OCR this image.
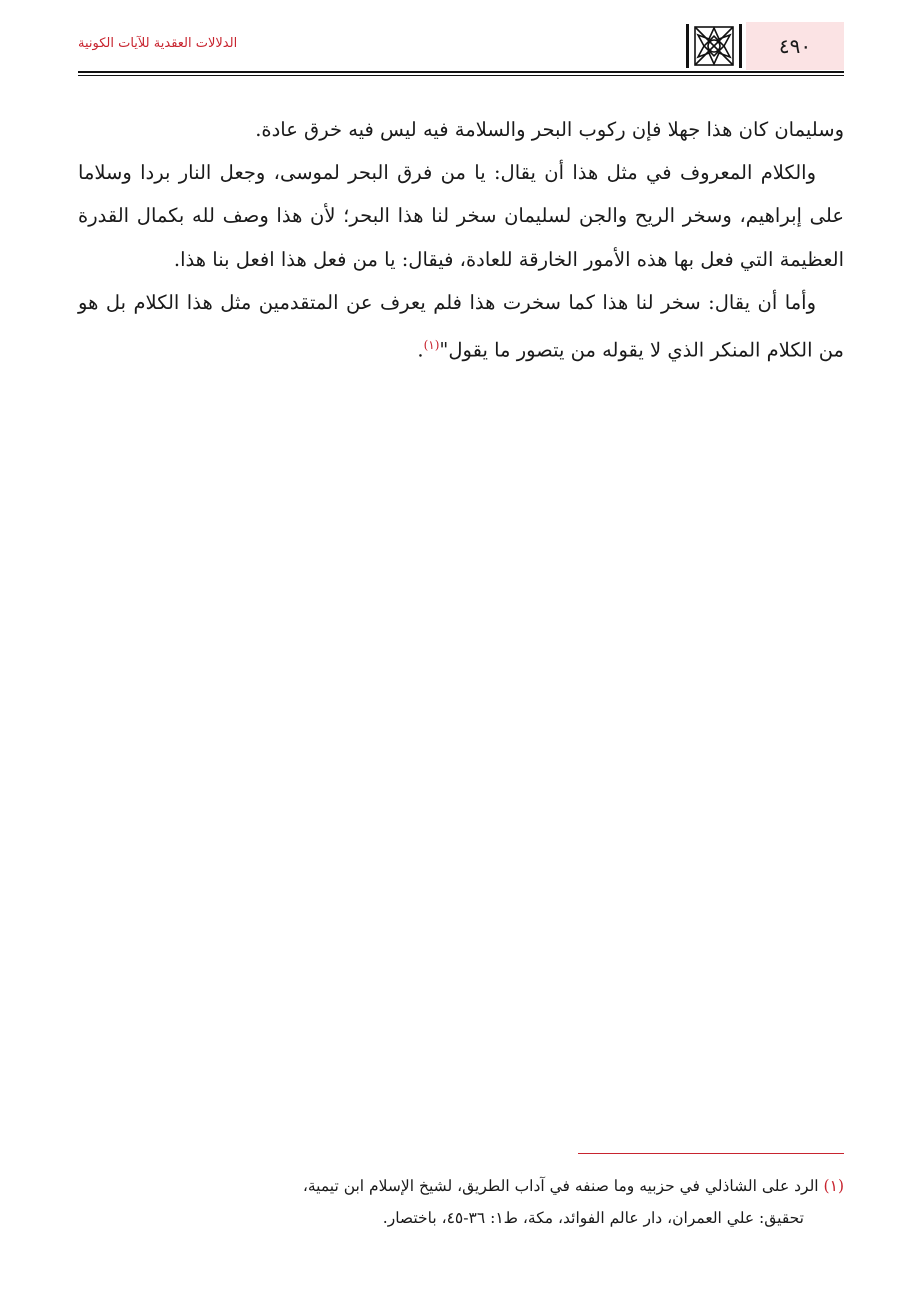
الدلالات العقدية للآيات الكونية	٤٩٠

وسليمان كان هذا جهلا فإن ركوب البحر والسلامة فيه ليس فيه خرق عادة.

والكلام المعروف في مثل هذا أن يقال: يا من فرق البحر لموسى، وجعل النار بردا وسلاما على إبراهيم، وسخر الريح والجن لسليمان سخر لنا هذا البحر؛ لأن هذا وصف لله بكمال القدرة العظيمة التي فعل بها هذه الأمور الخارقة للعادة، فيقال: يا من فعل هذا افعل بنا هذا.

وأما أن يقال: سخر لنا هذا كما سخرت هذا فلم يعرف عن المتقدمين مثل هذا الكلام بل هو من الكلام المنكر الذي لا يقوله من يتصور ما يقول"$^{(١)}$.

(١) الرد على الشاذلي في حزبيه وما صنفه في آداب الطريق، لشيخ الإسلام ابن تيمية،

تحقيق: علي العمران، دار عالم الفوائد، مكة، ط١: ٣٦-٤٥، باختصار.
